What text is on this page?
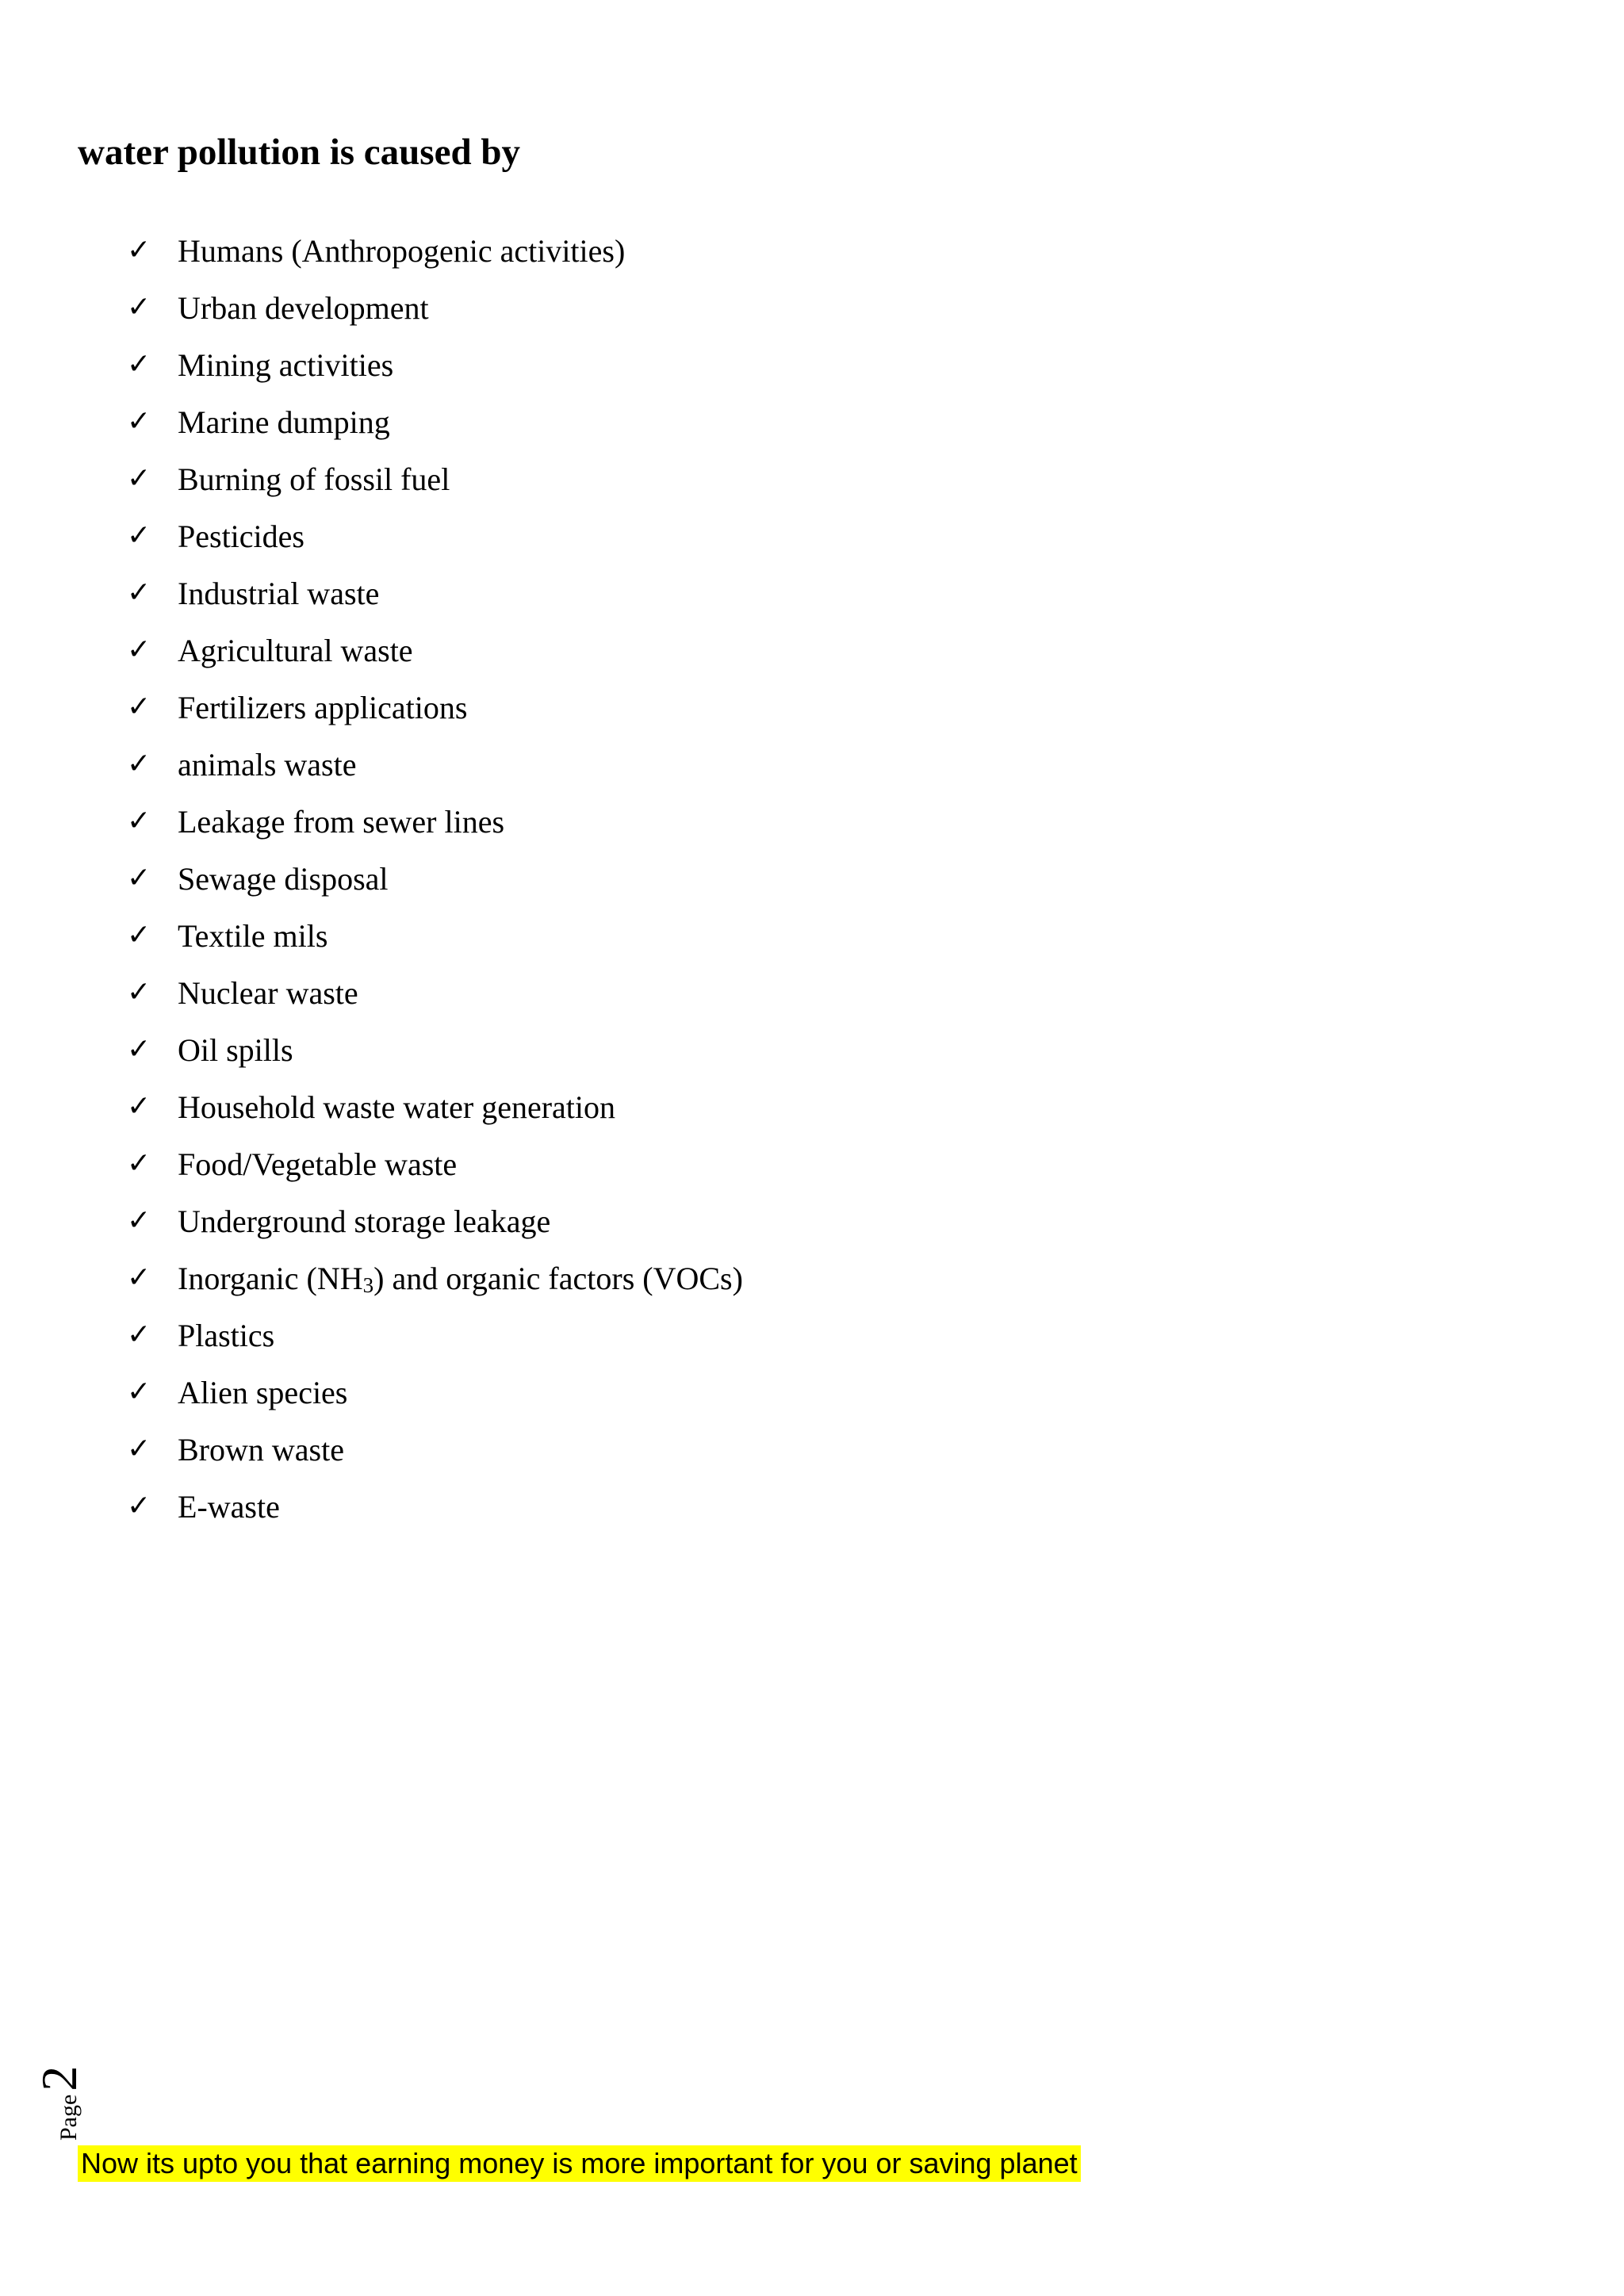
water pollution is caused by
✓ Humans (Anthropogenic activities)
✓ Urban development
✓ Mining activities
✓ Marine dumping
✓ Burning of fossil fuel
✓ Pesticides
✓ Industrial waste
✓ Agricultural waste
✓ Fertilizers applications
✓ animals waste
✓ Leakage from sewer lines
✓ Sewage disposal
✓ Textile mils
✓ Nuclear waste
✓ Oil spills
✓ Household waste water generation
✓ Food/Vegetable waste
✓ Underground storage leakage
✓ Inorganic $(NH_3)$ and organic factors (VOCs)
✓ Plastics
✓ Alien species
✓ Brown waste
✓ E-waste
Page
2
Now its upto you that earning money is more important for you or saving planet
